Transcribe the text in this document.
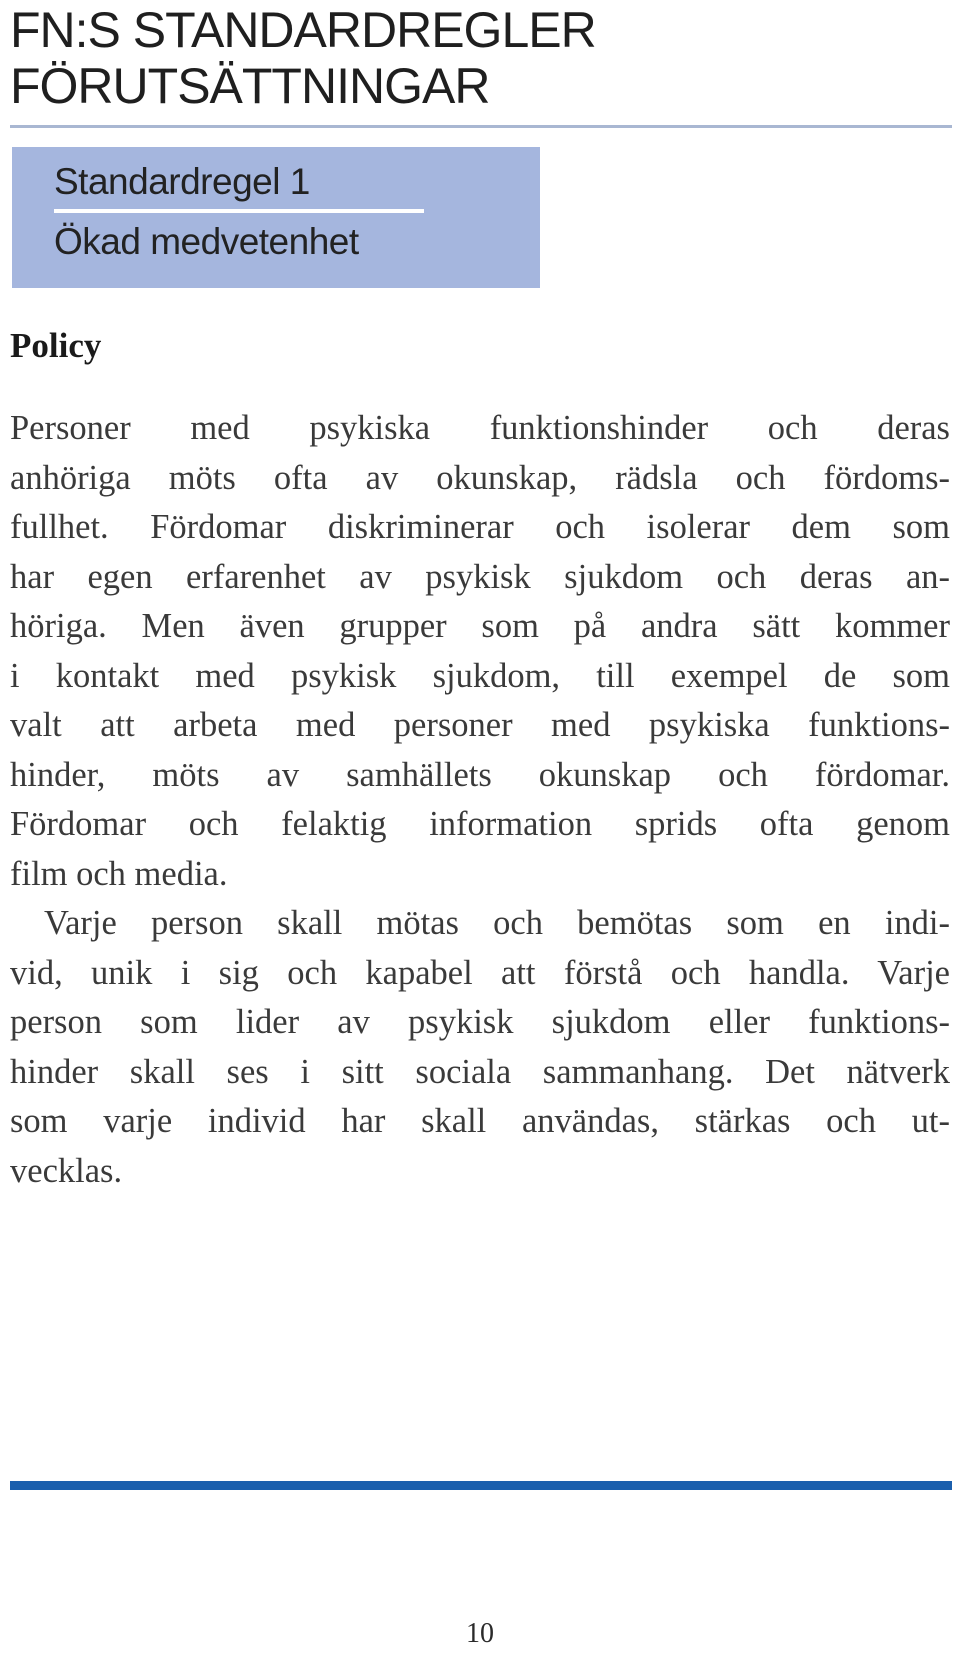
FN:S STANDARDREGLER
FÖRUTSÄTTNINGAR
Standardregel 1
Ökad medvetenhet
Policy
Personer med psykiska funktionshinder och deras
anhöriga möts ofta av okunskap, rädsla och fördoms-
fullhet. Fördomar diskriminerar och isolerar dem som
har egen erfarenhet av psykisk sjukdom och deras an-
höriga. Men även grupper som på andra sätt kommer
i kontakt med psykisk sjukdom, till exempel de som
valt att arbeta med personer med psykiska funktions-
hinder, möts av samhällets okunskap och fördomar.
Fördomar och felaktig information sprids ofta genom
film och media.
Varje person skall mötas och bemötas som en indi-
vid, unik i sig och kapabel att förstå och handla. Varje
person som lider av psykisk sjukdom eller funktions-
hinder skall ses i sitt sociala sammanhang. Det nätverk
som varje individ har skall användas, stärkas och ut-
vecklas.
10
